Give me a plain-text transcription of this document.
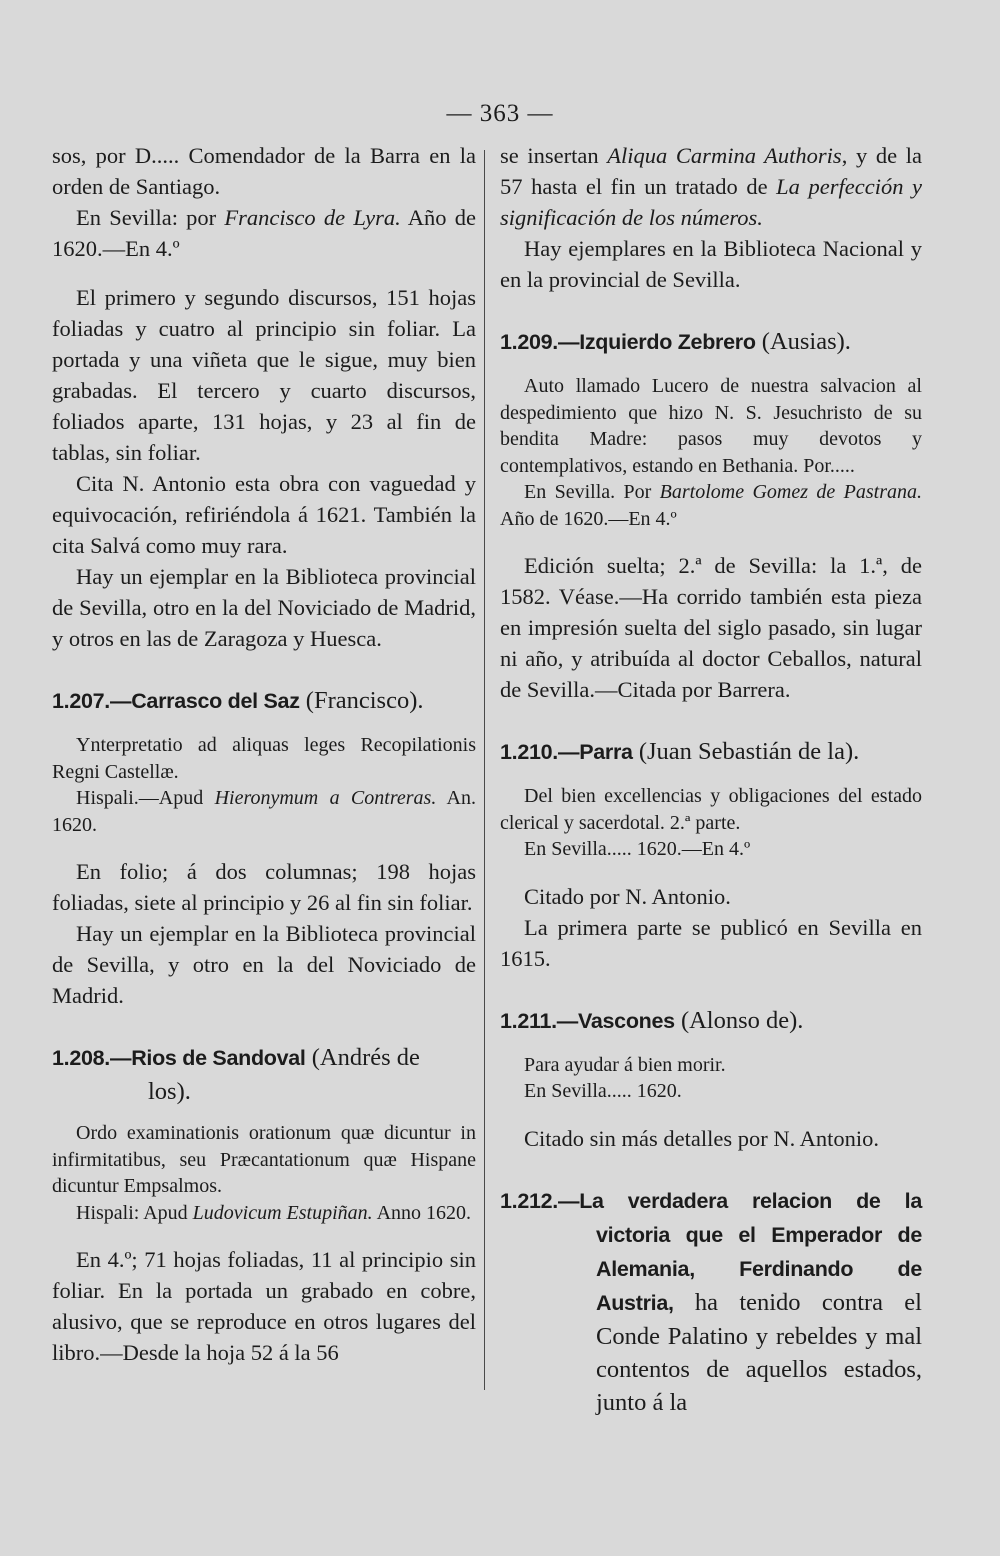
— 363 —

sos, por D..... Comendador de la Barra en la orden de Santiago.

En Sevilla: por Francisco de Lyra. Año de 1620.—En 4.º

El primero y segundo discursos, 151 hojas foliadas y cuatro al principio sin foliar. La portada y una viñeta que le sigue, muy bien grabadas. El tercero y cuarto discursos, foliados aparte, 131 hojas, y 23 al fin de tablas, sin foliar.

Cita N. Antonio esta obra con vaguedad y equivocación, refiriéndola á 1621. También la cita Salvá como muy rara.

Hay un ejemplar en la Biblioteca provincial de Sevilla, otro en la del Noviciado de Madrid, y otros en las de Zaragoza y Huesca.

1.207.—Carrasco del Saz (Francisco).

Ynterpretatio ad aliquas leges Recopilationis Regni Castellæ.

Hispali.—Apud Hieronymum a Contreras. An. 1620.

En folio; á dos columnas; 198 hojas foliadas, siete al principio y 26 al fin sin foliar.

Hay un ejemplar en la Biblioteca provincial de Sevilla, y otro en la del Noviciado de Madrid.

1.208.—Rios de Sandoval (Andrés de

los).

Ordo examinationis orationum quæ dicuntur in infirmitatibus, seu Præcantationum quæ Hispane dicuntur Empsalmos.

Hispali: Apud Ludovicum Estupiñan. Anno 1620.

En 4.º; 71 hojas foliadas, 11 al principio sin foliar. En la portada un grabado en cobre, alusivo, que se reproduce en otros lugares del libro.—Desde la hoja 52 á la 56

se insertan Aliqua Carmina Authoris, y de la 57 hasta el fin un tratado de La perfección y significación de los números.

Hay ejemplares en la Biblioteca Nacional y en la provincial de Sevilla.

1.209.—Izquierdo Zebrero (Ausias).

Auto llamado Lucero de nuestra salvacion al despedimiento que hizo N. S. Jesuchristo de su bendita Madre: pasos muy devotos y contemplativos, estando en Bethania. Por.....

En Sevilla. Por Bartolome Gomez de Pastrana. Año de 1620.—En 4.º

Edición suelta; 2.ª de Sevilla: la 1.ª, de 1582. Véase.—Ha corrido también esta pieza en impresión suelta del siglo pasado, sin lugar ni año, y atribuída al doctor Ceballos, natural de Sevilla.—Citada por Barrera.

1.210.—Parra (Juan Sebastián de la).

Del bien excellencias y obligaciones del estado clerical y sacerdotal. 2.ª parte.

En Sevilla..... 1620.—En 4.º

Citado por N. Antonio.

La primera parte se publicó en Sevilla en 1615.

1.211.—Vascones (Alonso de).

Para ayudar á bien morir.

En Sevilla..... 1620.

Citado sin más detalles por N. Antonio.

1.212.—La verdadera relacion de la victoria que el Emperador de Alemania, Ferdinando de Austria, ha tenido contra el Conde Palatino y rebeldes y mal contentos de aquellos estados, junto á la
